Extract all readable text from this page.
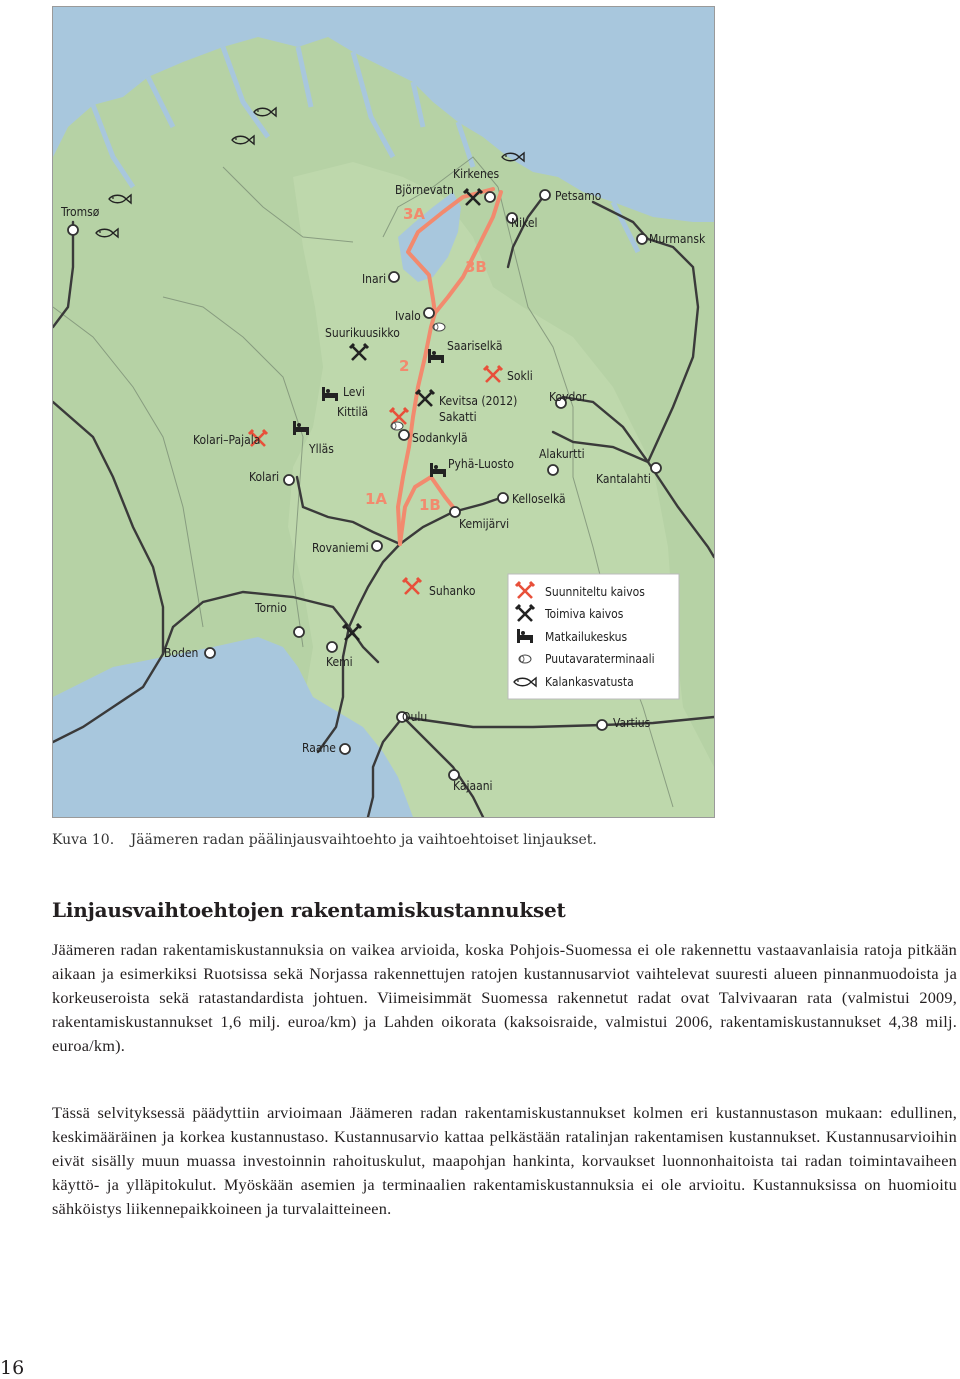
Tromsø
Kirkenes
Björnevatn	Petsamo
Nikel
Murmansk
Inari
Ivalo
Suurikuusikko
Saariselkä
Sokli
Kovdor
Levi
Kittilä
Kevitsa (2012)
Sakatti
Kolari–Pajala
Ylläs
Sodankylä
Alakurtti
Kantalahti
Pyhä-Luosto
Kolari
Kelloselkä
Kemijärvi
Rovaniemi
Suhanko
Tornio
Boden
Kemi
Oulu	Vartius
Raahe
Kajaani
3A
3B
2
1A 1B
Suunniteltu kaivos
Toimiva kaivos
Matkailukeskus
Puutavaraterminaali
Kalankasvatusta
Kuva 10. Jäämeren radan päälinjausvaihtoehto ja vaihtoehtoiset linjaukset.
Linjausvaihtoehtojen rakentamiskustannukset

Jäämeren radan rakentamiskustannuksia on vaikea arvioida, koska Pohjois-Suomessa ei ole rakennettu vastaavanlaisia ratoja pitkään aikaan ja esimerkiksi Ruotsissa sekä Norjassa rakennettujen ratojen kustannusarviot vaihtelevat suuresti alueen pinnanmuodoista ja korkeuseroista sekä ratastandardista johtuen. Viimeisimmät Suomessa rakennetut radat ovat Talvivaaran rata (valmistui 2009, rakentamiskustannukset 1,6 milj. euroa/km) ja Lahden oikorata (kaksoisraide, valmistui 2006, rakentamiskustannukset 4,38 milj. euroa/km).

Tässä selvityksessä päädyttiin arvioimaan Jäämeren radan rakentamiskustannukset kolmen eri kustannustason mukaan: edullinen, keskimääräinen ja korkea kustannustaso. Kustannusarvio kattaa pelkästään ratalinjan rakentamisen kustannukset. Kustannusarvioihin eivät sisälly muun muassa investoinnin rahoituskulut, maapohjan hankinta, korvaukset luonnonhaitoista tai radan toimintavaiheen käyttö- ja ylläpitokulut. Myöskään asemien ja terminaalien rakentamiskustannuksia ei ole arvioitu. Kustannuksissa on huomioitu sähköistys liikennepaikkoineen ja turvalaitteineen.

16
